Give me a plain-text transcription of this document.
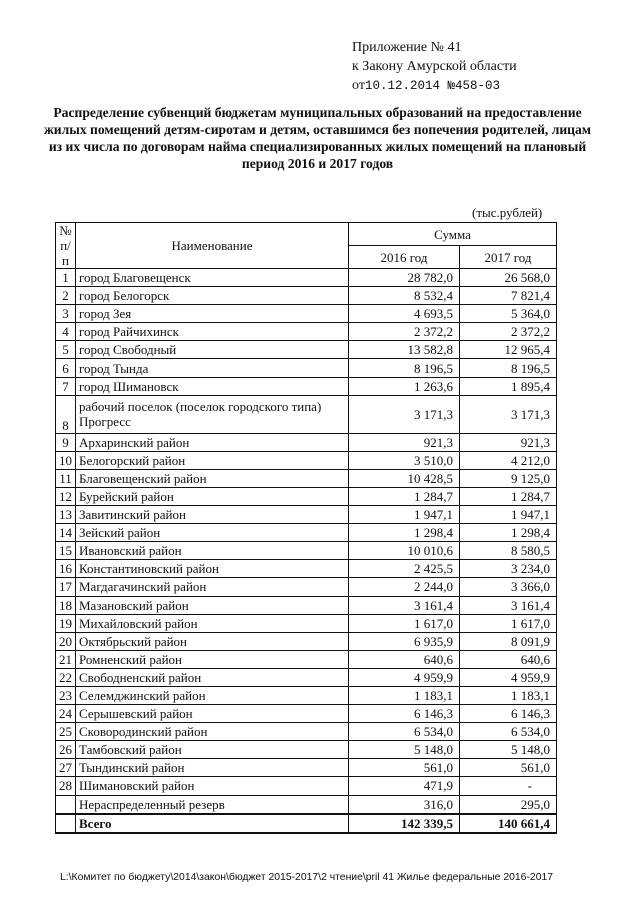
Приложение № 41
к Закону Амурской области
от10.12.2014 №458-03
Распределение субвенций бюджетам муниципальных образований на предоставление жилых помещений детям-сиротам и детям, оставшимся без попечения родителей, лицам из их числа по договорам найма специализированных жилых помещений на плановый период 2016 и 2017 годов
(тыс.рублей)
№ п/п	Наименование	Сумма	
		2016 год	2017 год
1	город Благовещенск	28 782,0	26 568,0
2	город Белогорск	8 532,4	7 821,4
3	город Зея	4 693,5	5 364,0
4	город Райчихинск	2 372,2	2 372,2
5	город Свободный	13 582,8	12 965,4
6	город Тында	8 196,5	8 196,5
7	город Шимановск	1 263,6	1 895,4
8	рабочий поселок (поселок городского типа) Прогресс	3 171,3	3 171,3
9	Архаринский район	921,3	921,3
10	Белогорский район	3 510,0	4 212,0
11	Благовещенский район	10 428,5	9 125,0
12	Бурейский район	1 284,7	1 284,7
13	Завитинский район	1 947,1	1 947,1
14	Зейский район	1 298,4	1 298,4
15	Ивановский район	10 010,6	8 580,5
16	Константиновский район	2 425,5	3 234,0
17	Магдагачинский район	2 244,0	3 366,0
18	Мазановский район	3 161,4	3 161,4
19	Михайловский район	1 617,0	1 617,0
20	Октябрьский район	6 935,9	8 091,9
21	Ромненский район	640,6	640,6
22	Свободненский район	4 959,9	4 959,9
23	Селемджинский район	1 183,1	1 183,1
24	Серышевский район	6 146,3	6 146,3
25	Сковородинский район	6 534,0	6 534,0
26	Тамбовский район	5 148,0	5 148,0
27	Тындинский район	561,0	561,0
28	Шимановский район	471,9	-
	Нераспределенный резерв	316,0	295,0
	Всего	142 339,5	140 661,4
L:\Комитет по бюджету\2014\закон\бюджет 2015-2017\2 чтение\pril 41 Жилье федеральные 2016-2017
